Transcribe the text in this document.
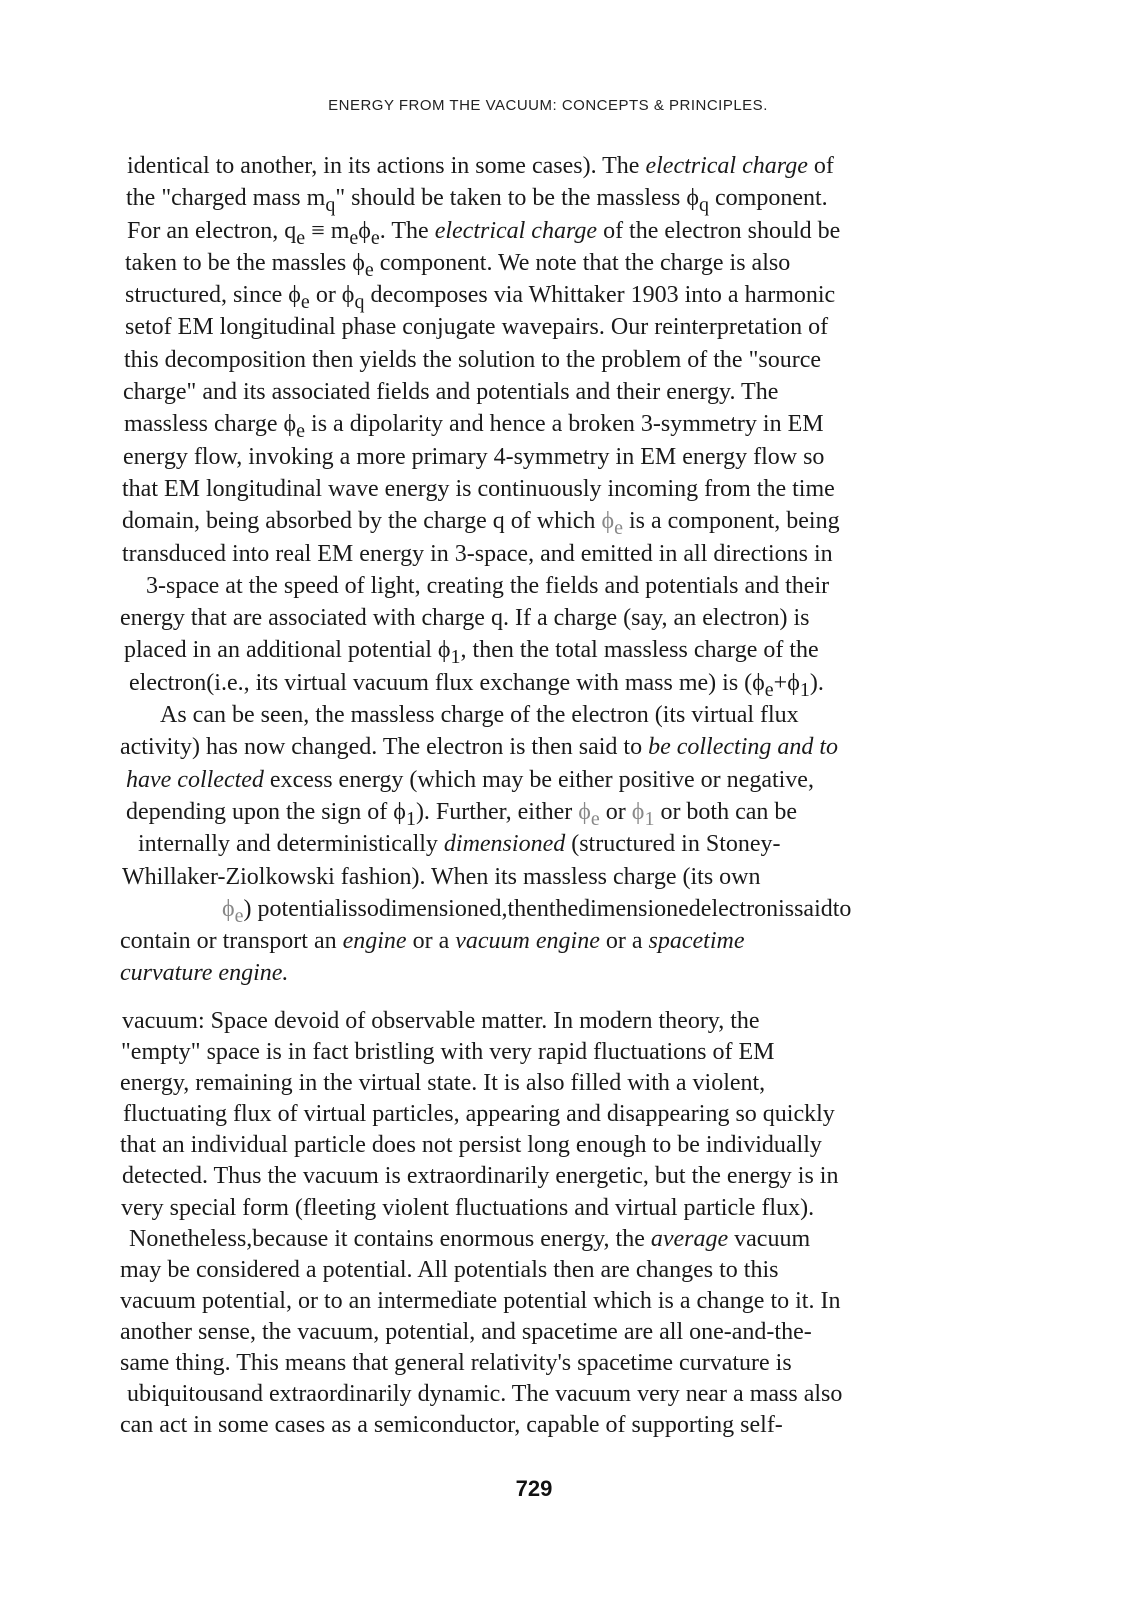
ENERGY FROM THE VACUUM: CONCEPTS & PRINCIPLES.
identical to another, in its actions in some cases). The electrical charge of
the "charged mass $m_q$" should be taken to be the massless $\phi_q$ component.
For an electron, $q_e \equiv m_e\phi_e$. The electrical charge of the electron should be
taken to be the massles $\phi_e$ component. We note that the charge is also
structured, since $\phi_e$ or $\phi_q$ decomposes via Whittaker 1903 into a harmonic
setof EM longitudinal phase conjugate wavepairs. Our reinterpretation of
this decomposition then yields the solution to the problem of the "source
charge" and its associated fields and potentials and their energy. The
massless charge $\phi_e$ is a dipolarity and hence a broken 3-symmetry in EM
energy flow, invoking a more primary 4-symmetry in EM energy flow so
that EM longitudinal wave energy is continuously incoming from the time
domain, being absorbed by the charge q of which $\phi_e$ is a component, being
transduced into real EM energy in 3-space, and emitted in all directions in
3-space at the speed of light, creating the fields and potentials and their
energy that are associated with charge q. If a charge (say, an electron) is
placed in an additional potential $\phi_1$, then the total massless charge of the
electron(i.e., its virtual vacuum flux exchange with mass me) is $(\phi_e+\phi_1)$.
As can be seen, the massless charge of the electron (its virtual flux
activity) has now changed. The electron is then said to be collecting and to
have collected excess energy (which may be either positive or negative,
depending upon the sign of $\phi_1$). Further, either $\phi_e$ or $\phi_1$ or both can be
internally and deterministically dimensioned (structured in Stoney-
Whillaker-Ziolkowski fashion). When its massless charge (its own
$\phi_e$) potentialissodimensioned,thenthedimensionedelectronissaidto
contain or transport an engine or a vacuum engine or a spacetime
curvature engine.
vacuum: Space devoid of observable matter. In modern theory, the
"empty" space is in fact bristling with very rapid fluctuations of EM
energy, remaining in the virtual state. It is also filled with a violent,
fluctuating flux of virtual particles, appearing and disappearing so quickly
that an individual particle does not persist long enough to be individually
detected. Thus the vacuum is extraordinarily energetic, but the energy is in
very special form (fleeting violent fluctuations and virtual particle flux).
Nonetheless,because it contains enormous energy, the average vacuum
may be considered a potential. All potentials then are changes to this
vacuum potential, or to an intermediate potential which is a change to it. In
another sense, the vacuum, potential, and spacetime are all one-and-the-
same thing. This means that general relativity's spacetime curvature is
ubiquitousand extraordinarily dynamic. The vacuum very near a mass also
can act in some cases as a semiconductor, capable of supporting self-
729
